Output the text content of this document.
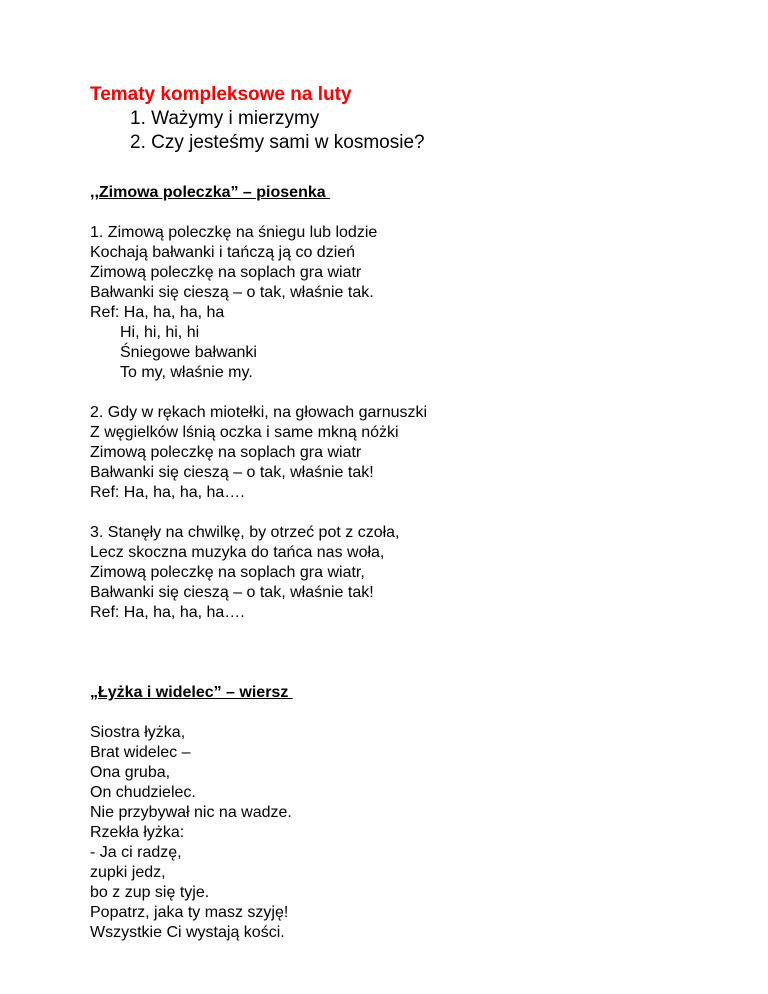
Tematy kompleksowe na luty
1. Ważymy i mierzymy
2. Czy jesteśmy sami w kosmosie?

,,Zimowa poleczka” – piosenka

1. Zimową poleczkę na śniegu lub lodzie
Kochają bałwanki i tańczą ją co dzień
Zimową poleczkę na soplach gra wiatr
Bałwanki się cieszą – o tak, właśnie tak.
Ref: Ha, ha, ha, ha
Hi, hi, hi, hi
Śniegowe bałwanki
To my, właśnie my.
2. Gdy w rękach miotełki, na głowach garnuszki
Z węgielków lśnią oczka i same mkną nóżki
Zimową poleczkę na soplach gra wiatr
Bałwanki się cieszą – o tak, właśnie tak!
Ref: Ha, ha, ha, ha….
3. Stanęły na chwilkę, by otrzeć pot z czoła,
Lecz skoczna muzyka do tańca nas woła,
Zimową poleczkę na soplach gra wiatr,
Bałwanki się cieszą – o tak, właśnie tak!
Ref: Ha, ha, ha, ha….

„Łyżka i widelec” – wiersz

Siostra łyżka,
Brat widelec –
Ona gruba,
On chudzielec.
Nie przybywał nic na wadze.
Rzekła łyżka:
- Ja ci radzę,
zupki jedz,
bo z zup się tyje.
Popatrz, jaka ty masz szyję!
Wszystkie Ci wystają kości.
